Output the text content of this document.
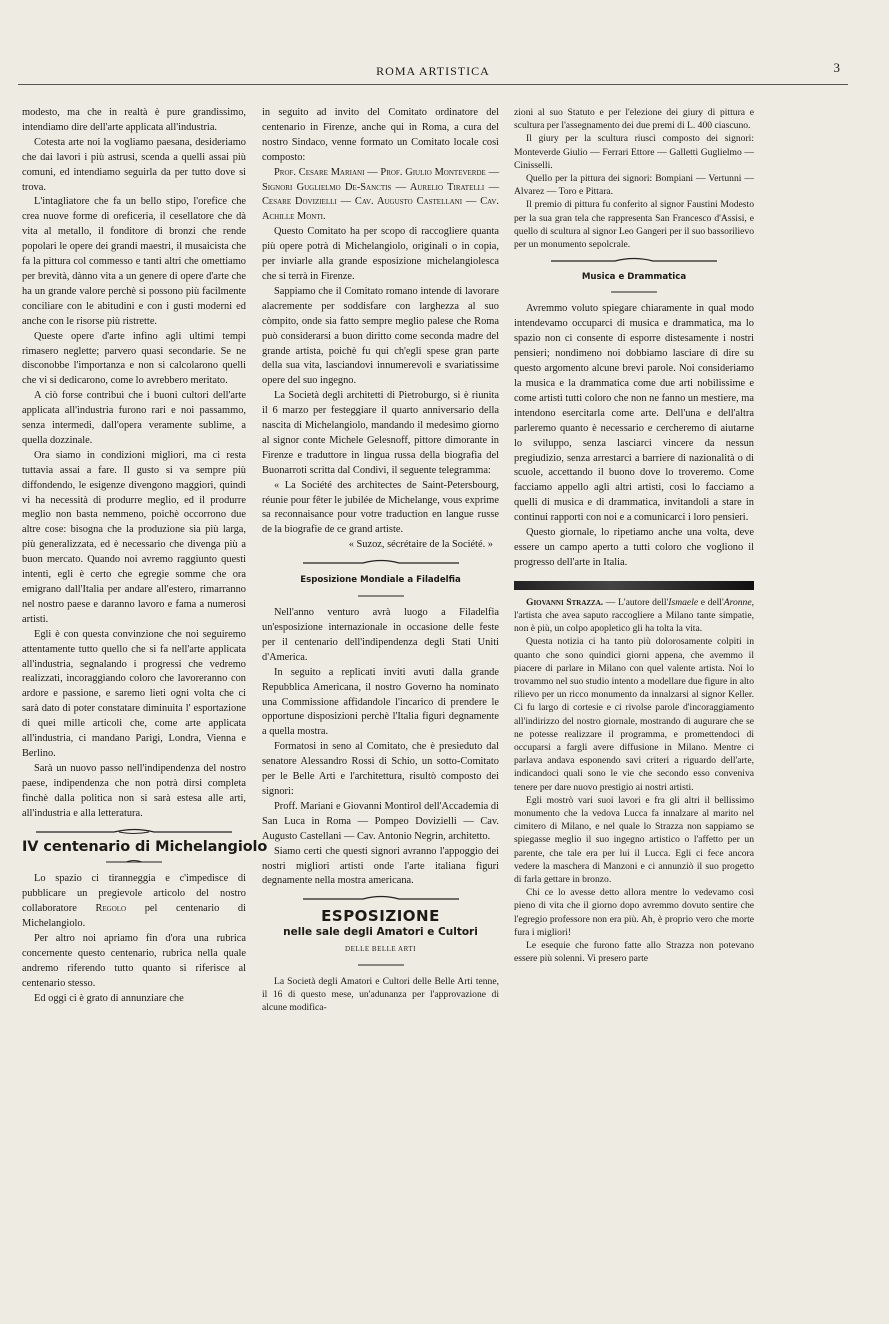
ROMA ARTISTICA	3

modesto, ma che in realtà è pure grandissimo, intendiamo dire dell'arte applicata all'industria.

Cotesta arte noi la vogliamo paesana, desideriamo che dai lavori i più astrusi, scenda a quelli assai più comuni, ed intendiamo seguirla da per tutto dove si trova.

L'intagliatore che fa un bello stipo, l'orefice che crea nuove forme di oreficeria, il cesellatore che dà vita al metallo, il fonditore di bronzi che rende popolari le opere dei grandi maestri, il musaicista che fa la pittura col commesso e tanti altri che omettiamo per brevità, dànno vita a un genere di opere d'arte che ha un grande valore perchè si possono più facilmente conciliare con le abitudini e con i gusti moderni ed anche con le risorse più ristrette.

Queste opere d'arte infino agli ultimi tempi rimasero neglette; parvero quasi secondarie. Se ne disconobbe l'importanza e non si calcolarono quelli che vi si dedicarono, come lo avrebbero meritato.

A ciò forse contribuì che i buoni cultori dell'arte applicata all'industria furono rari e noi passammo, senza intermedi, dall'opera veramente sublime, a quella dozzinale.

Ora siamo in condizioni migliori, ma ci resta tuttavia assai a fare. Il gusto si va sempre più diffondendo, le esigenze divengono maggiori, quindi vi ha necessità di produrre meglio, ed il produrre meglio non basta nemmeno, poichè occorrono due altre cose: bisogna che la produzione sia più larga, più generalizzata, ed è necessario che divenga più a buon mercato. Quando noi avremo raggiunto questi intenti, egli è certo che egregie somme che ora emigrano dall'Italia per andare all'estero, rimarranno nel nostro paese e daranno lavoro e fama a numerosi artisti.

Egli è con questa convinzione che noi seguiremo attentamente tutto quello che si fa nell'arte applicata all'industria, segnalando i progressi che vedremo realizzati, incoraggiando coloro che lavoreranno con ardore e passione, e saremo lieti ogni volta che ci sarà dato di poter constatare diminuita l' esportazione di quei mille articoli che, come arte applicata all'industria, ci mandano Parigi, Londra, Vienna e Berlino.

Sarà un nuovo passo nell'indipendenza del nostro paese, indipendenza che non potrà dirsi completa finchè dalla politica non si sarà estesa alle arti, all'industria e alla letteratura.

IV centenario di Michelangiolo

Lo spazio ci tiranneggia e c'impedisce di pubblicare un pregievole articolo del nostro collaboratore Regolo pel centenario di Michelangiolo.

Per altro noi apriamo fin d'ora una rubrica concernente questo centenario, rubrica nella quale andremo riferendo tutto quanto si riferisce al centenario stesso.

Ed oggi ci è grato di annunziare che

in seguito ad invito del Comitato ordinatore del centenario in Firenze, anche qui in Roma, a cura del nostro Sindaco, venne formato un Comitato locale così composto:

Prof. Cesare Mariani — Prof. Giulio Monteverde — Signori Guglielmo De-Sanctis — Aurelio Tiratelli — Cesare Dovizielli — Cav. Augusto Castellani — Cav. Achille Monti.

Questo Comitato ha per scopo di raccogliere quanta più opere potrà di Michelangiolo, originali o in copia, per inviarle alla grande esposizione michelangiolesca che si terrà in Firenze.

Sappiamo che il Comitato romano intende di lavorare alacremente per soddisfare con larghezza al suo còmpito, onde sia fatto sempre meglio palese che Roma può considerarsi a buon diritto come seconda madre del grande artista, poichè fu qui ch'egli spese gran parte della sua vita, lasciandovi innumerevoli e svariatissime opere del suo ingegno.

La Società degli architetti di Pietroburgo, si è riunita il 6 marzo per festeggiare il quarto anniversario della nascita di Michelangiolo, mandando il medesimo giorno al signor conte Michele Gelesnoff, pittore dimorante in Firenze e traduttore in lingua russa della biografia del Buonarroti scritta dal Condivi, il seguente telegramma:

« La Société des architectes de Saint-Petersbourg, réunie pour fêter le jubilée de Michelange, vous exprime sa reconnaisance pour votre traduction en langue russe de la biografie de ce grand artiste.

« Suzoz, sécrétaire de la Société. »

Esposizione Mondiale a Filadelfia

Nell'anno venturo avrà luogo a Filadelfia un'esposizione internazionale in occasione delle feste per il centenario dell'indipendenza degli Stati Uniti d'America.

In seguito a replicati inviti avuti dalla grande Repubblica Americana, il nostro Governo ha nominato una Commissione affidandole l'incarico di prendere le opportune disposizioni perchè l'Italia figuri degnamente a quella mostra.

Formatosi in seno al Comitato, che è presieduto dal senatore Alessandro Rossi di Schio, un sotto-Comitato per le Belle Arti e l'architettura, risultò composto dei signori:

Proff. Mariani e Giovanni Montirol dell'Accademia di San Luca in Roma — Pompeo Dovizielli — Cav. Augusto Castellani — Cav. Antonio Negrin, architetto.

Siamo certi che questi signori avranno l'appoggio dei nostri migliori artisti onde l'arte italiana figuri degnamente nella mostra americana.

ESPOSIZIONE
nelle sale degli Amatori e Cultori
DELLE BELLE ARTI

La Società degli Amatori e Cultori delle Belle Arti tenne, il 16 di questo mese, un'adunanza per l'approvazione di alcune modifica-

zioni al suo Statuto e per l'elezione dei giury di pittura e scultura per l'assegnamento dei due premi di L. 400 ciascuno.

Il giury per la scultura riuscì composto dei signori: Monteverde Giulio — Ferrari Ettore — Galletti Guglielmo — Cinisselli.

Quello per la pittura dei signori: Bompiani — Vertunni — Alvarez — Toro e Pittara.

Il premio di pittura fu conferito al signor Faustini Modesto per la sua gran tela che rappresenta San Francesco d'Assisi, e quello di scultura al signor Leo Gangeri per il suo bassorilievo per un monumento sepolcrale.

Musica e Drammatica

Avremmo voluto spiegare chiaramente in qual modo intendevamo occuparci di musica e drammatica, ma lo spazio non ci consente di esporre distesamente i nostri pensieri; nondimeno noi dobbiamo lasciare di dire su questo argomento alcune brevi parole. Noi consideriamo la musica e la drammatica come due arti nobilissime e come artisti tutti coloro che non ne fanno un mestiere, ma intendono esercitarla come arte. Dell'una e dell'altra parleremo quanto è necessario e cercheremo di aiutarne lo sviluppo, senza lasciarci vincere da nessun pregiudizio, senza arrestarci a barriere di nazionalità o di scuole, accettando il buono dove lo troveremo. Come facciamo appello agli altri artisti, così lo facciamo a quelli di musica e di drammatica, invitandoli a stare in continui rapporti con noi e a comunicarci i loro pensieri.

Questo giornale, lo ripetiamo anche una volta, deve essere un campo aperto a tutti coloro che vogliono il progresso dell'arte in Italia.

Giovanni Strazza. — L'autore dell'Ismaele e dell'Aronne, l'artista che avea saputo raccogliere a Milano tante simpatie, non è più, un colpo apopletico gli ha tolta la vita.

Questa notizia ci ha tanto più dolorosamente colpiti in quanto che sono quindici giorni appena, che avemmo il piacere di parlare in Milano con quel valente artista. Noi lo trovammo nel suo studio intento a modellare due figure in alto rilievo per un ricco monumento da innalzarsi al signor Keller. Ci fu largo di cortesie e ci rivolse parole d'incoraggiamento all'indirizzo del nostro giornale, mostrando di augurare che se ne potesse realizzare il programma, e promettendoci di occuparsi a fargli avere diffusione in Milano. Mentre ci parlava andava esponendo savi criteri a riguardo dell'arte, indicandoci quali sono le vie che secondo esso conveniva tenere per dare nuovo prestigio ai nostri artisti.

Egli mostrò vari suoi lavori e fra gli altri il bellissimo monumento che la vedova Lucca fa innalzare al marito nel cimitero di Milano, e nel quale lo Strazza non sappiamo se spiegasse meglio il suo ingegno artistico o l'affetto per un parente, che tale era per lui il Lucca. Egli ci fece ancora vedere la maschera di Manzoni e ci annunziò il suo progetto di farla gettare in bronzo.

Chi ce lo avesse detto allora mentre lo vedevamo così pieno di vita che il giorno dopo avremmo dovuto sentire che l'egregio professore non era più. Ah, è proprio vero che morte fura i migliori!

Le esequie che furono fatte allo Strazza non potevano essere più solenni. Vi presero parte
